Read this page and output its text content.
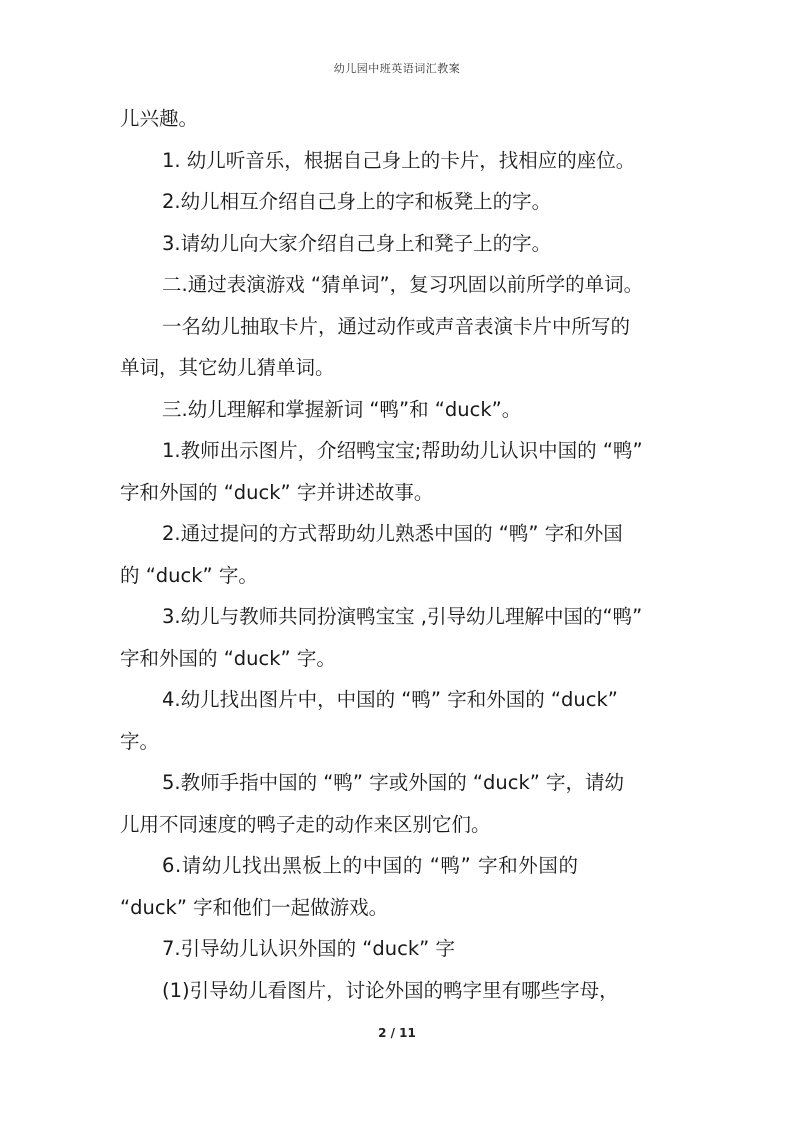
幼儿园中班英语词汇教案
儿兴趣。
1. 幼儿听音乐，根据自己身上的卡片，找相应的座位。
2.幼儿相互介绍自己身上的字和板凳上的字。
3.请幼儿向大家介绍自己身上和凳子上的字。
二.通过表演游戏 “猜单词”，复习巩固以前所学的单词。
一名幼儿抽取卡片，通过动作或声音表演卡片中所写的
单词，其它幼儿猜单词。
三.幼儿理解和掌握新词 “鸭”和 “duck”。
1.教师出示图片，介绍鸭宝宝;帮助幼儿认识中国的 “鸭”
字和外国的 “duck” 字并讲述故事。
2.通过提问的方式帮助幼儿熟悉中国的 “鸭” 字和外国
的 “duck” 字。
3.幼儿与教师共同扮演鸭宝宝 ,引导幼儿理解中国的“鸭”
字和外国的 “duck” 字。
4.幼儿找出图片中，中国的 “鸭” 字和外国的 “duck”
字。
5.教师手指中国的 “鸭” 字或外国的 “duck” 字，请幼
儿用不同速度的鸭子走的动作来区别它们。
6.请幼儿找出黑板上的中国的 “鸭” 字和外国的
“duck” 字和他们一起做游戏。
7.引导幼儿认识外国的 “duck” 字
(1)引导幼儿看图片，讨论外国的鸭字里有哪些字母，
2 / 11
